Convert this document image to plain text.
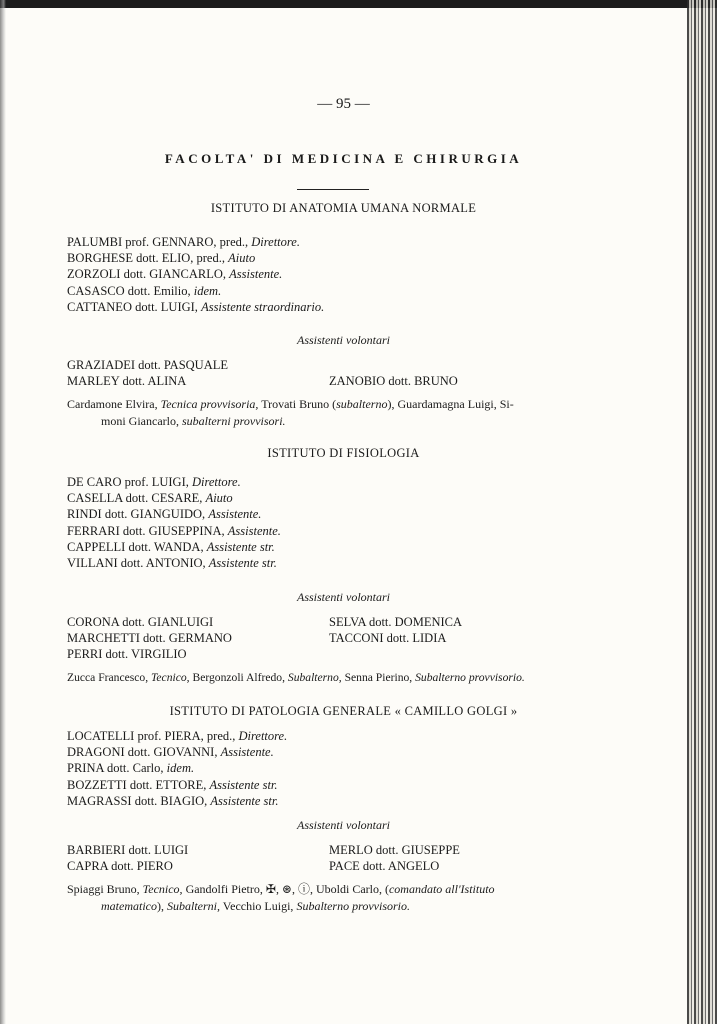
— 95 —
FACOLTA' DI MEDICINA E CHIRURGIA
ISTITUTO DI ANATOMIA UMANA NORMALE
PALUMBI prof. GENNARO, pred., Direttore.
BORGHESE dott. ELIO, pred., Aiuto
ZORZOLI dott. GIANCARLO, Assistente.
CASASCO dott. Emilio, idem.
CATTANEO dott. LUIGI, Assistente straordinario.
Assistenti volontari
GRAZIADEI dott. PASQUALE
MARLEY dott. ALINA	ZANOBIO dott. BRUNO
Cardamone Elvira, Tecnica provvisoria, Trovati Bruno (subalterno), Guardamagna Luigi, Si-
moni Giancarlo, subalterni provvisori.
ISTITUTO DI FISIOLOGIA
DE CARO prof. LUIGI, Direttore.
CASELLA dott. CESARE, Aiuto
RINDI dott. GIANGUIDO, Assistente.
FERRARI dott. GIUSEPPINA, Assistente.
CAPPELLI dott. WANDA, Assistente str.
VILLANI dott. ANTONIO, Assistente str.
Assistenti volontari
CORONA dott. GIANLUIGI	SELVA dott. DOMENICA
MARCHETTI dott. GERMANO	TACCONI dott. LIDIA
PERRI dott. VIRGILIO
Zucca Francesco, Tecnico, Bergonzoli Alfredo, Subalterno, Senna Pierino, Subalterno provvisorio.
ISTITUTO DI PATOLOGIA GENERALE « CAMILLO GOLGI »
LOCATELLI prof. PIERA, pred., Direttore.
DRAGONI dott. GIOVANNI, Assistente.
PRINA dott. Carlo, idem.
BOZZETTI dott. ETTORE, Assistente str.
MAGRASSI dott. BIAGIO, Assistente str.
Assistenti volontari
BARBIERI dott. LUIGI	MERLO dott. GIUSEPPE
CAPRA dott. PIERO	PACE dott. ANGELO
Spiaggi Bruno, Tecnico, Gandolfi Pietro, ✠, ⊛, ⓘ, Uboldi Carlo, (comandato all'Istituto
matematico), Subalterni, Vecchio Luigi, Subalterno provvisorio.
